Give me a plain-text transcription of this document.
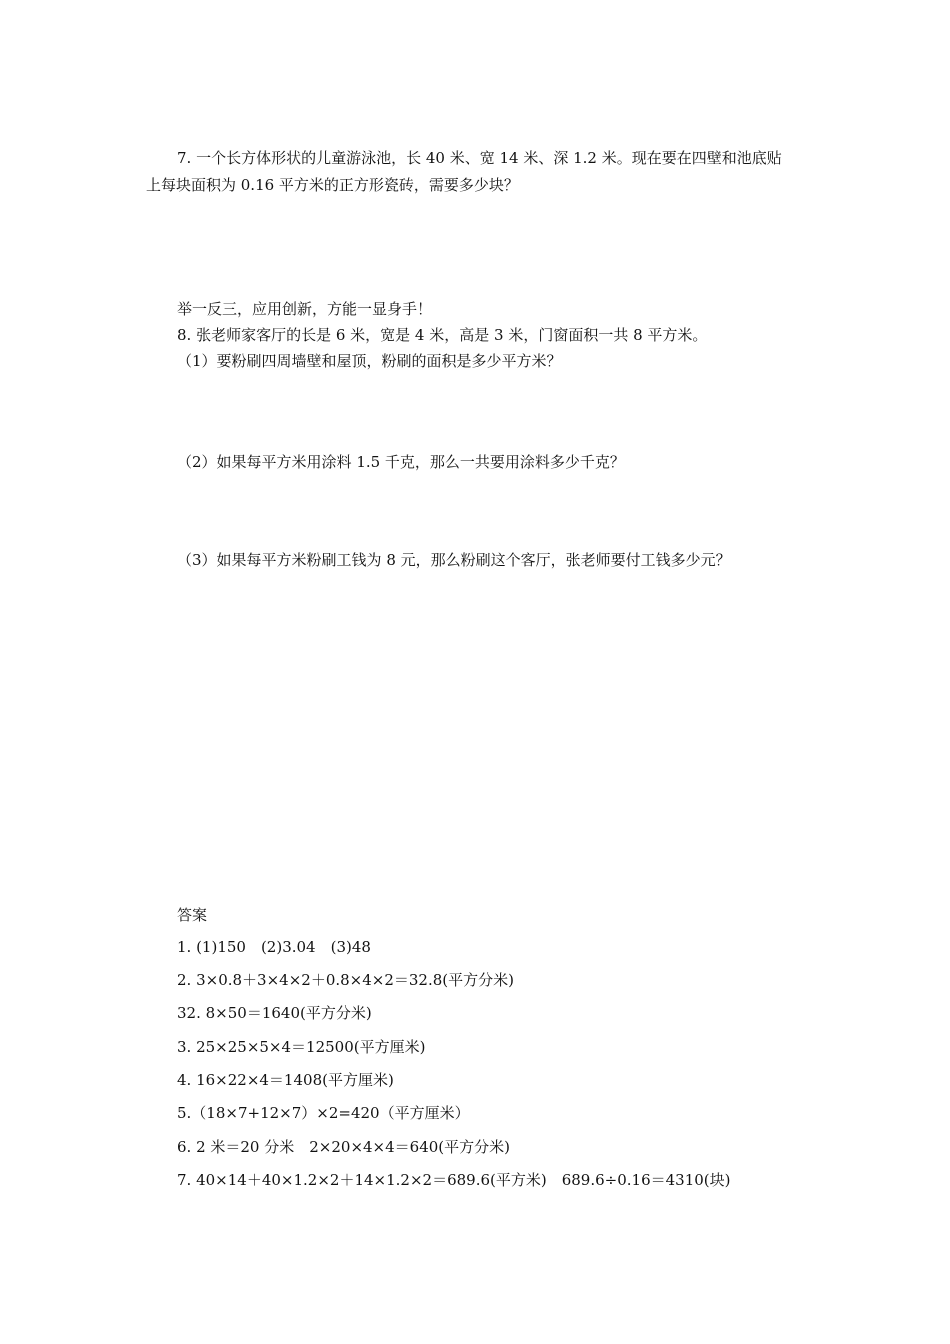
7. 一个长方体形状的儿童游泳池，长 40 米、宽 14 米、深 1.2 米。现在要在四壁和池底贴
上每块面积为 0.16 平方米的正方形瓷砖，需要多少块？
举一反三，应用创新，方能一显身手！
8. 张老师家客厅的长是 6 米，宽是 4 米，高是 3 米，门窗面积一共 8 平方米。
（1）要粉刷四周墙壁和屋顶，粉刷的面积是多少平方米？
（2）如果每平方米用涂料 1.5 千克，那么一共要用涂料多少千克？
（3）如果每平方米粉刷工钱为 8 元，那么粉刷这个客厅，张老师要付工钱多少元？
答案
1. (1)150　(2)3.04　(3)48
2. 3×0.8＋3×4×2＋0.8×4×2＝32.8(平方分米)
32. 8×50＝1640(平方分米)
3. 25×25×5×4＝12500(平方厘米)
4. 16×22×4＝1408(平方厘米)
5.（18×7+12×7）×2=420（平方厘米）
6. 2 米＝20 分米　2×20×4×4＝640(平方分米)
7. 40×14＋40×1.2×2＋14×1.2×2＝689.6(平方米)　689.6÷0.16＝4310(块)
